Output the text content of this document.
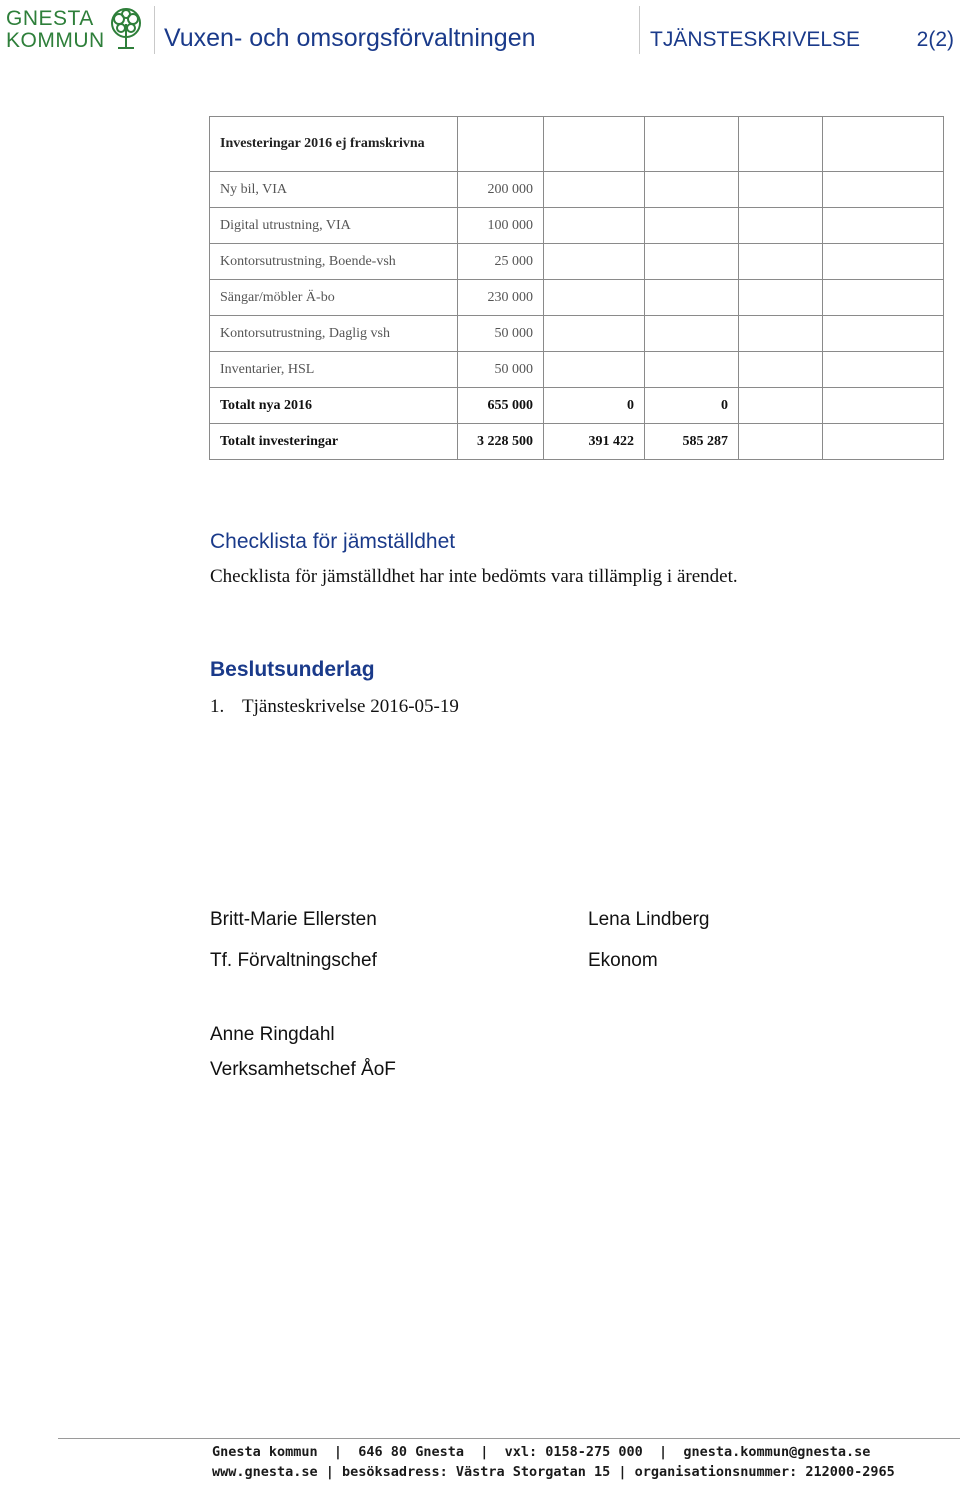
GNESTA
KOMMUN Vuxen- och omsorgsförvaltningen	TJÄNSTESKRIVELSE	2(2)
Investeringar 2016 ej framskrivna					
Ny bil, VIA	200 000				
Digital utrustning, VIA	100 000				
Kontorsutrustning, Boende-vsh	25 000				
Sängar/möbler Ä-bo	230 000				
Kontorsutrustning, Daglig vsh	50 000				
Inventarier, HSL	50 000				
Totalt nya 2016	655 000	0	0		
Totalt investeringar	3 228 500	391 422	585 287		
Checklista för jämställdhet
Checklista för jämställdhet har inte bedömts vara tillämplig i ärendet.
Beslutsunderlag
1. Tjänsteskrivelse 2016-05-19
Britt-Marie Ellersten
Tf. Förvaltningschef
Lena Lindberg
Ekonom
Anne Ringdahl
Verksamhetschef ÅoF
Gnesta kommun  |  646 80 Gnesta  |  vxl: 0158-275 000  |  gnesta.kommun@gnesta.se
www.gnesta.se | besöksadress: Västra Storgatan 15 | organisationsnummer: 212000-2965
